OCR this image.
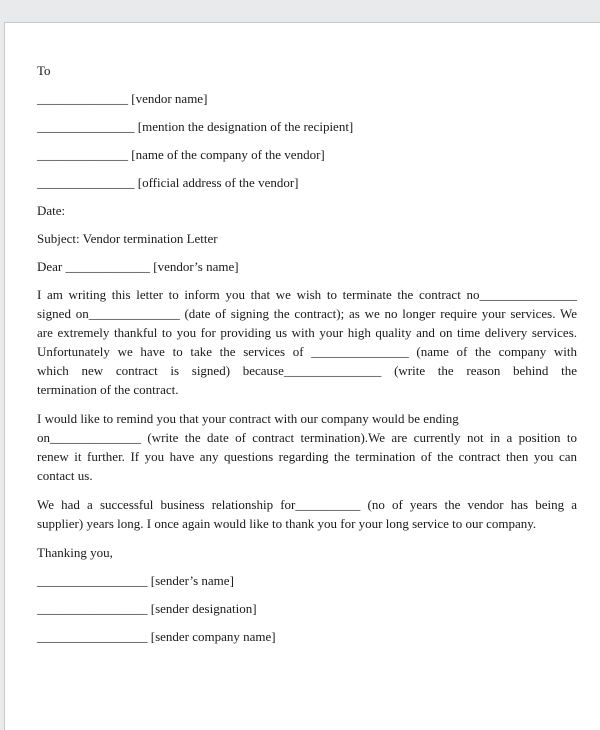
To
______________ [vendor name]
_______________ [mention the designation of the recipient]
______________ [name of the company of the vendor]
_______________ [official address of the vendor]
Date:
Subject: Vendor termination Letter
Dear _____________ [vendor’s name]
I am writing this letter to inform you that we wish to terminate the contract no_______________
signed on______________ (date of signing the contract); as we no longer require your services. We
are extremely thankful to you for providing us with your high quality and on time delivery services.
Unfortunately we have to take the services of _______________ (name of the company with
which new contract is signed) because_______________ (write the reason behind the
termination of the contract.
I would like to remind you that your contract with our company would be ending
on______________ (write the date of contract termination).We are currently not in a position to
renew it further. If you have any questions regarding the termination of the contract then you can
contact us.
We had a successful business relationship for__________ (no of years the vendor has being a
supplier) years long. I once again would like to thank you for your long service to our company.
Thanking you,
_________________ [sender’s name]
_________________ [sender designation]
_________________ [sender company name]
